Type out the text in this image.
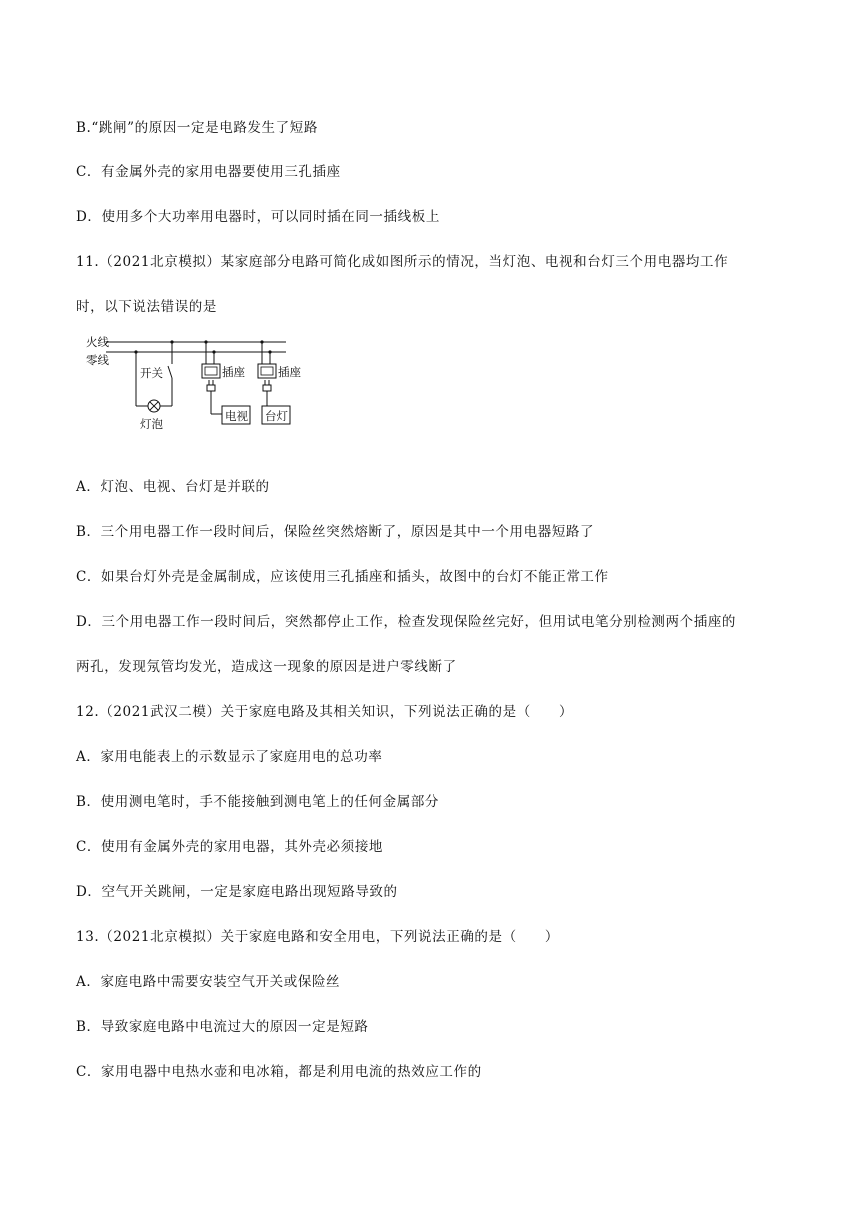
B.“跳闸”的原因一定是电路发生了短路
C．有金属外壳的家用电器要使用三孔插座
D．使用多个大功率用电器时，可以同时插在同一插线板上
11.（2021北京模拟）某家庭部分电路可简化成如图所示的情况，当灯泡、电视和台灯三个用电器均工作
时，以下说法错误的是
火线
零线
开关
灯泡
插座
电视
插座
台灯
A．灯泡、电视、台灯是并联的
B．三个用电器工作一段时间后，保险丝突然熔断了，原因是其中一个用电器短路了
C．如果台灯外壳是金属制成，应该使用三孔插座和插头，故图中的台灯不能正常工作
D．三个用电器工作一段时间后，突然都停止工作，检查发现保险丝完好，但用试电笔分别检测两个插座的
两孔，发现氖管均发光，造成这一现象的原因是进户零线断了
12.（2021武汉二模）关于家庭电路及其相关知识，下列说法正确的是（　　）
A．家用电能表上的示数显示了家庭用电的总功率
B．使用测电笔时，手不能接触到测电笔上的任何金属部分
C．使用有金属外壳的家用电器，其外壳必须接地
D．空气开关跳闸，一定是家庭电路出现短路导致的
13.（2021北京模拟）关于家庭电路和安全用电，下列说法正确的是（　　）
A．家庭电路中需要安装空气开关或保险丝
B．导致家庭电路中电流过大的原因一定是短路
C．家用电器中电热水壶和电冰箱，都是利用电流的热效应工作的
